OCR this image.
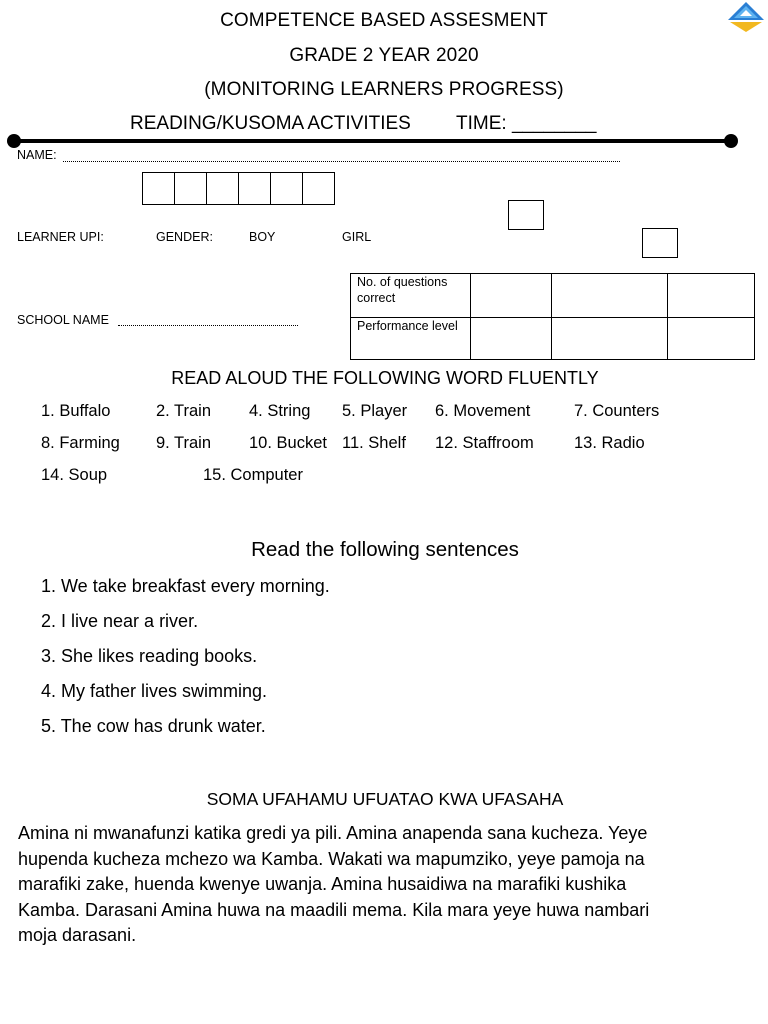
COMPETENCE BASED ASSESMENT
GRADE 2 YEAR 2020
(MONITORING LEARNERS PROGRESS)
READING/KUSOMA ACTIVITIES TIME: ________
NAME:
LEARNER UPI:	GENDER:	BOY	GIRL
SCHOOL NAME
No. of questions correct			
Performance level			
READ ALOUD THE FOLLOWING WORD FLUENTLY
1. Buffalo	2. Train 4. String 5. Player 6. Movement	7. Counters
8. Farming 9. Train 10. Bucket 11. Shelf 12. Staffroom 13. Radio
14. Soup	15. Computer
Read the following sentences
1. We take breakfast every morning.
2. I live near a river.
3. She likes reading books.
4. My father lives swimming.
5. The cow has drunk water.
SOMA UFAHAMU UFUATAO KWA UFASAHA
Amina ni mwanafunzi katika gredi ya pili. Amina anapenda sana kucheza. Yeye
hupenda kucheza mchezo wa Kamba. Wakati wa mapumziko, yeye pamoja na
marafiki zake, huenda kwenye uwanja. Amina husaidiwa na marafiki kushika
Kamba. Darasani Amina huwa na maadili mema. Kila mara yeye huwa nambari
moja darasani.
